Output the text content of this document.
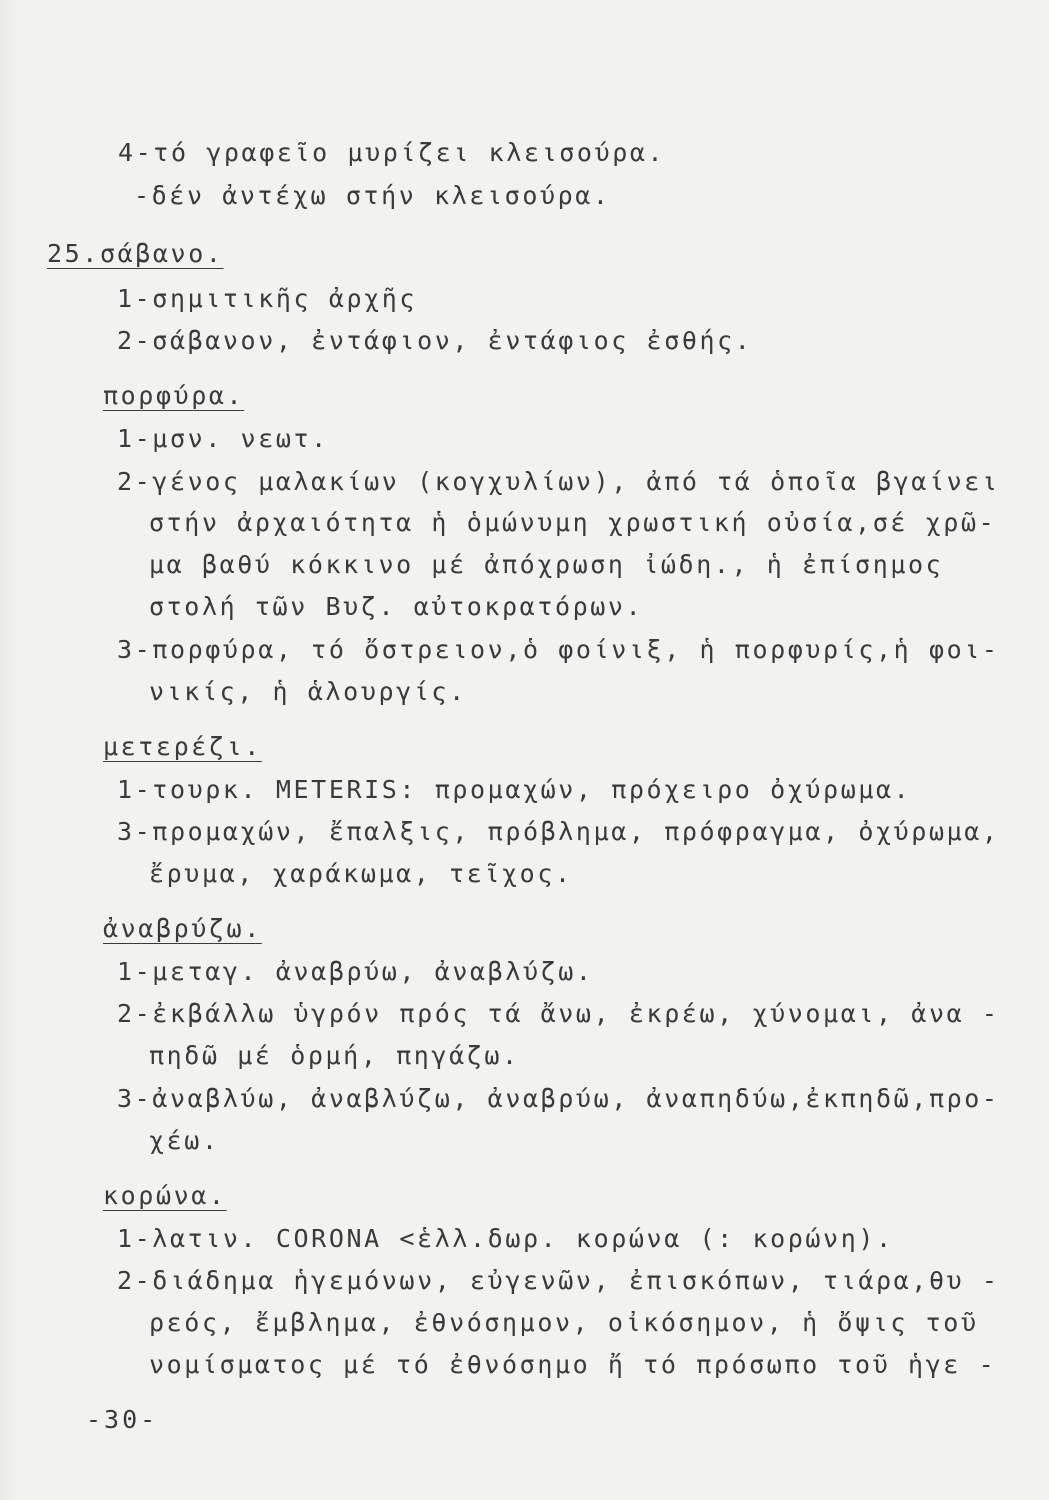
4-τό γραφεῖο μυρίζει κλεισούρα.
-δέν ἀντέχω στήν κλεισούρα.
25.σάβανο.
1-σημιτικῆς ἀρχῆς
2-σάβανον, ἐντάφιον, ἐντάφιος ἐσθής.
πορφύρα.
1-μσν. νεωτ.
2-γένος μαλακίων (κογχυλίων), ἀπό τά ὁποῖα βγαίνει
στήν ἀρχαιότητα ἡ ὁμώνυμη χρωστική οὐσία,σέ χρῶ-
μα βαθύ κόκκινο μέ ἀπόχρωση ἰώδη., ἡ ἐπίσημος
στολή τῶν Βυζ. αὐτοκρατόρων.
3-πορφύρα, τό ὄστρειον,ὁ φοίνιξ, ἡ πορφυρίς,ἡ φοι-
νικίς, ἡ ἁλουργίς.
μετερέζι.
1-τουρκ. METERIS: προμαχών, πρόχειρο ὀχύρωμα.
3-προμαχών, ἔπαλξις, πρόβλημα, πρόφραγμα, ὀχύρωμα,
ἔρυμα, χαράκωμα, τεῖχος.
ἀναβρύζω.
1-μεταγ. ἀναβρύω, ἀναβλύζω.
2-ἐκβάλλω ὑγρόν πρός τά ἄνω, ἐκρέω, χύνομαι, ἀνα -
πηδῶ μέ ὁρμή, πηγάζω.
3-ἀναβλύω, ἀναβλύζω, ἀναβρύω, ἀναπηδύω,ἐκπηδῶ,προ-
χέω.
κορώνα.
1-λατιν. CORONA <ἑλλ.δωρ. κορώνα (: κορώνη).
2-διάδημα ἡγεμόνων, εὐγενῶν, ἐπισκόπων, τιάρα,θυ -
ρεός, ἔμβλημα, ἐθνόσημον, οἰκόσημον, ἡ ὄψις τοῦ
νομίσματος μέ τό ἐθνόσημο ἤ τό πρόσωπο τοῦ ἡγε -
-30-
